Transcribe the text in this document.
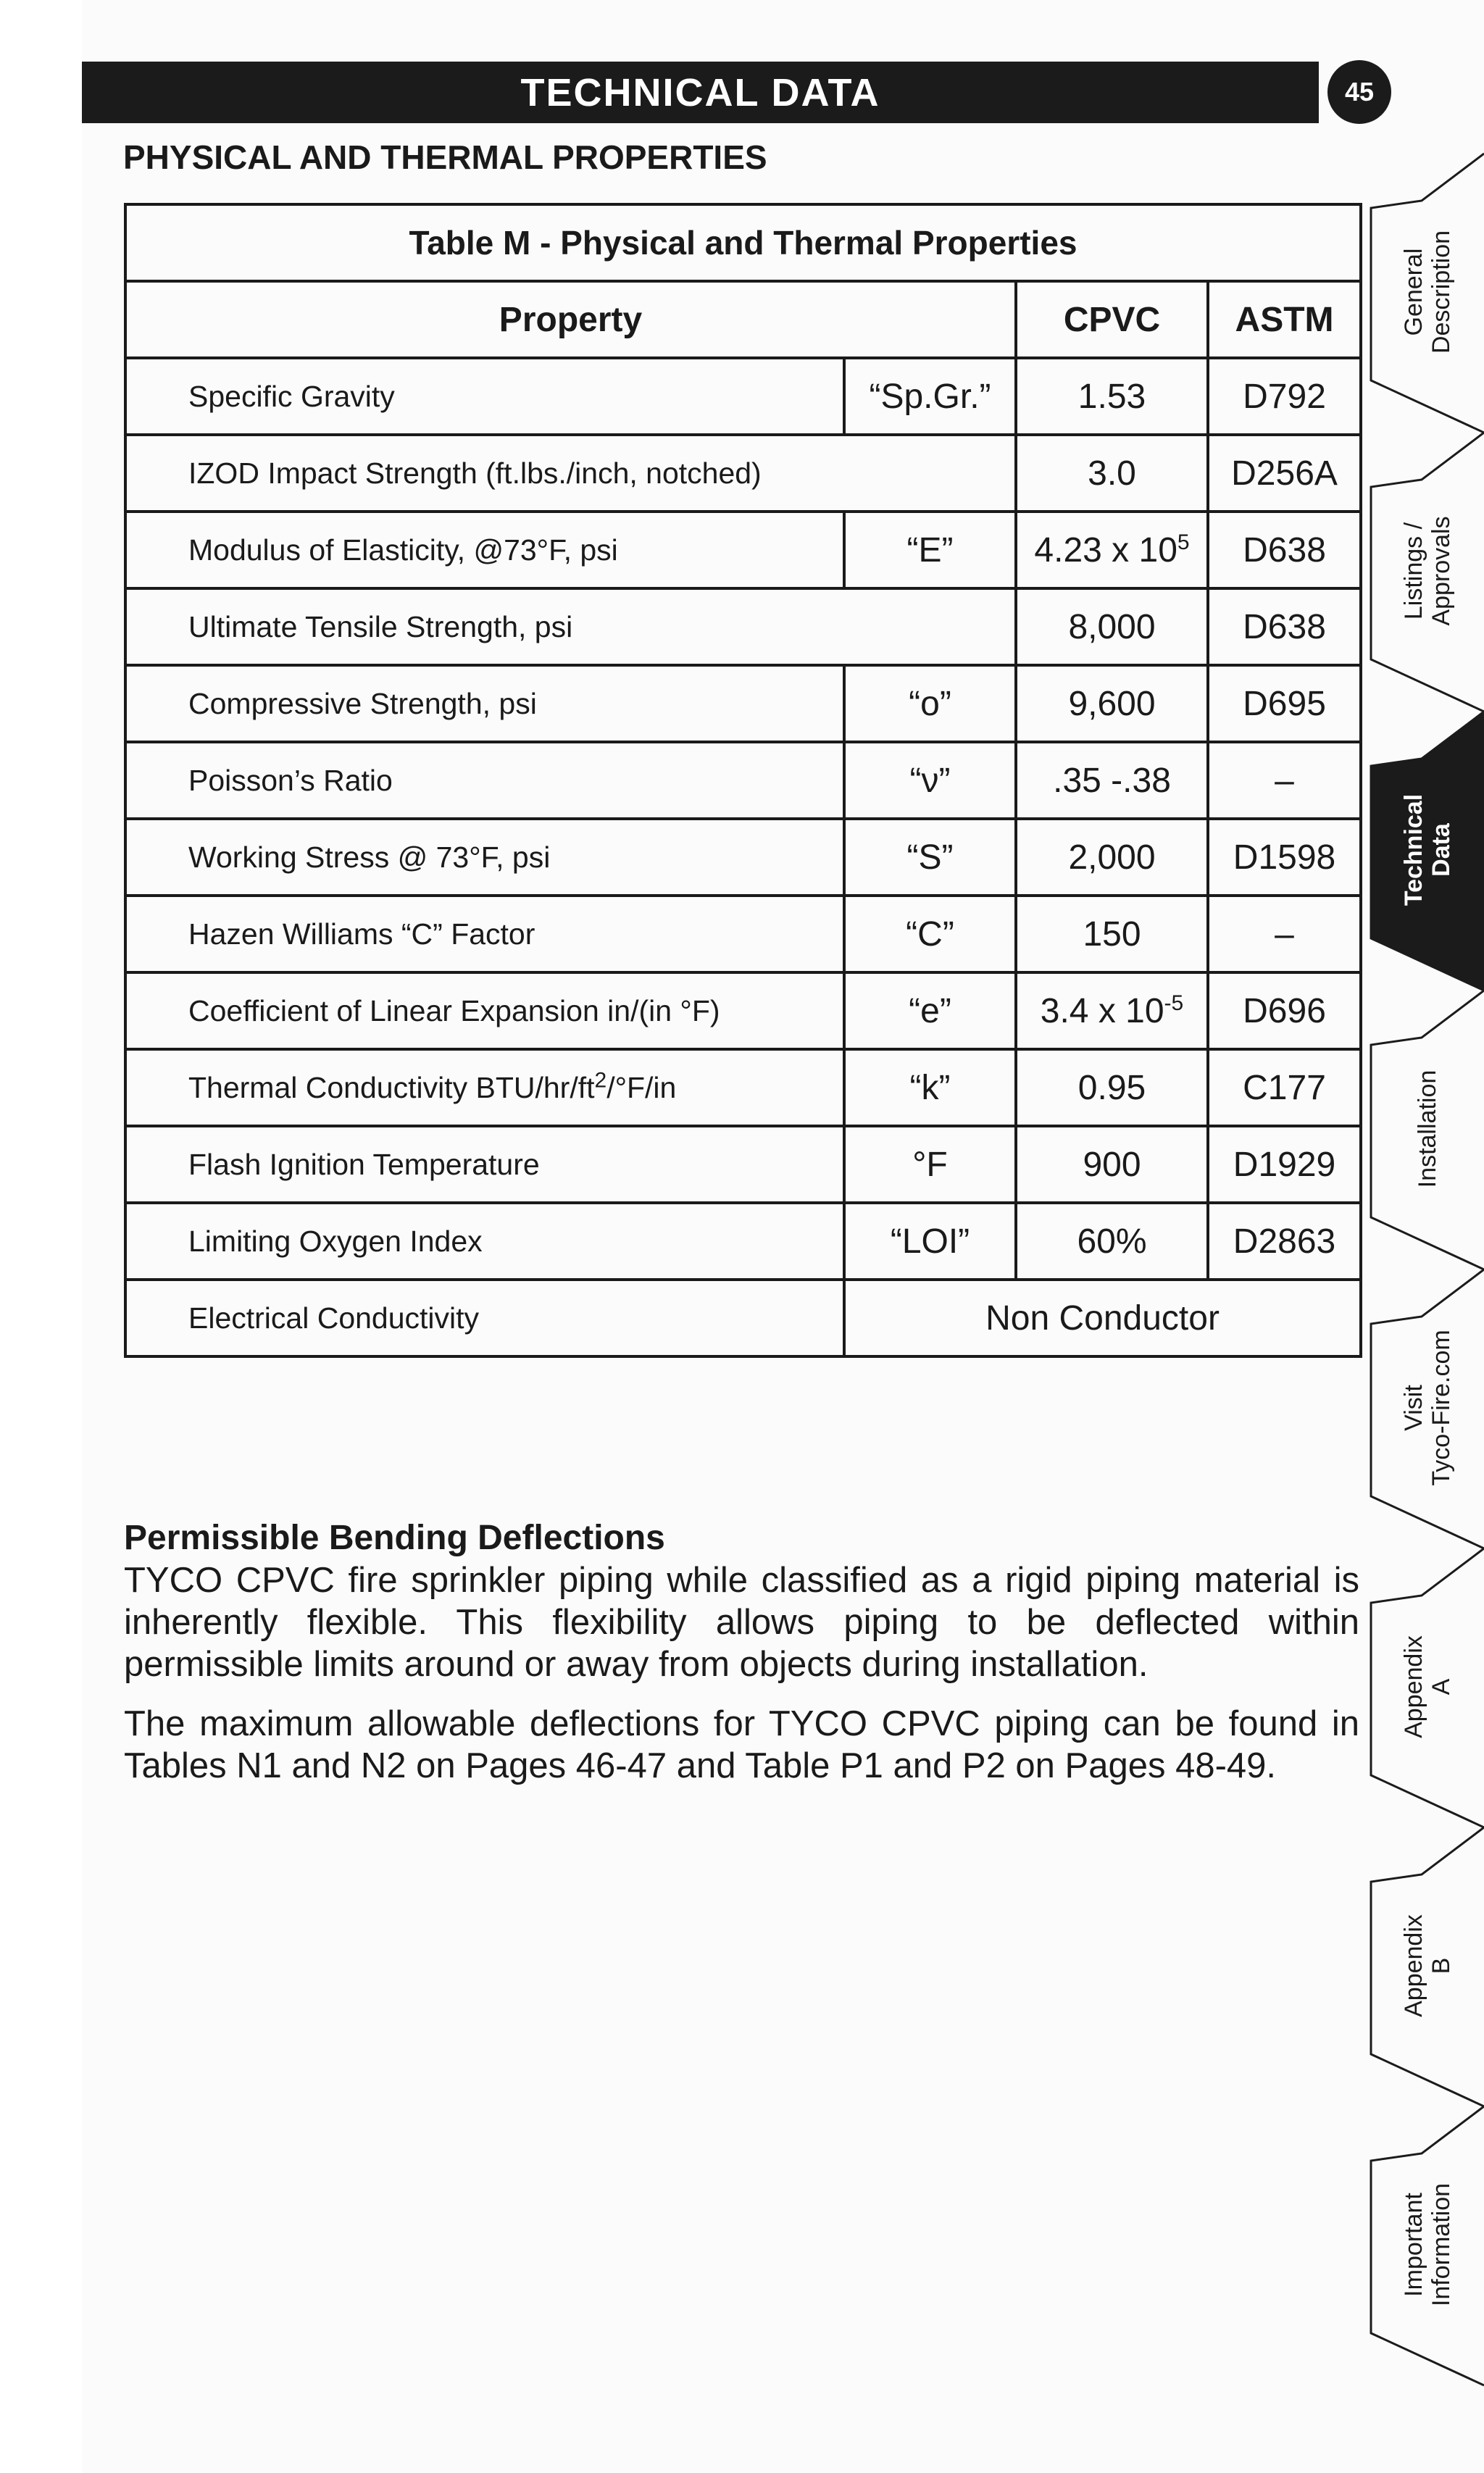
TECHNICAL DATA	45
PHYSICAL AND THERMAL PROPERTIES
Table M - Physical and Thermal Properties			
Property		CPVC	ASTM
Specific Gravity	“Sp.Gr.”	1.53	D792
IZOD Impact Strength (ft.lbs./inch, notched)		3.0	D256A
Modulus of Elasticity, @73°F, psi	“E”	4.23 x $10^5$	D638
Ultimate Tensile Strength, psi		8,000	D638
Compressive Strength, psi	“o”	9,600	D695
Poisson’s Ratio	“ν”	.35 -.38	–
Working Stress @ 73°F, psi	“S”	2,000	D1598
Hazen Williams “C” Factor	“C”	150	–
Coefficient of Linear Expansion in/(in °F)	“e”	3.4 x $10^{-5}$	D696
Thermal Conductivity BTU/$hr/ft^2/^\circ F/in$	“k”	0.95	C177
Flash Ignition Temperature	°F	900	D1929
Limiting Oxygen Index	“LOI”	60%	D2863
Electrical Conductivity	Non Conductor		
Permissible Bending Deflections

TYCO CPVC fire sprinkler piping while classified as a rigid piping material is inherently flexible. This flexibility allows piping to be deflected within permissible limits around or away from objects during installation.

The maximum allowable deflections for TYCO CPVC piping can be found in Tables N1 and N2 on Pages 46-47 and Table P1 and P2 on Pages 48-49.

General Description
Listings / Approvals
Technical Data
Installation
Visit Tyco-Fire.com
Appendix A
Appendix B
Important Information
